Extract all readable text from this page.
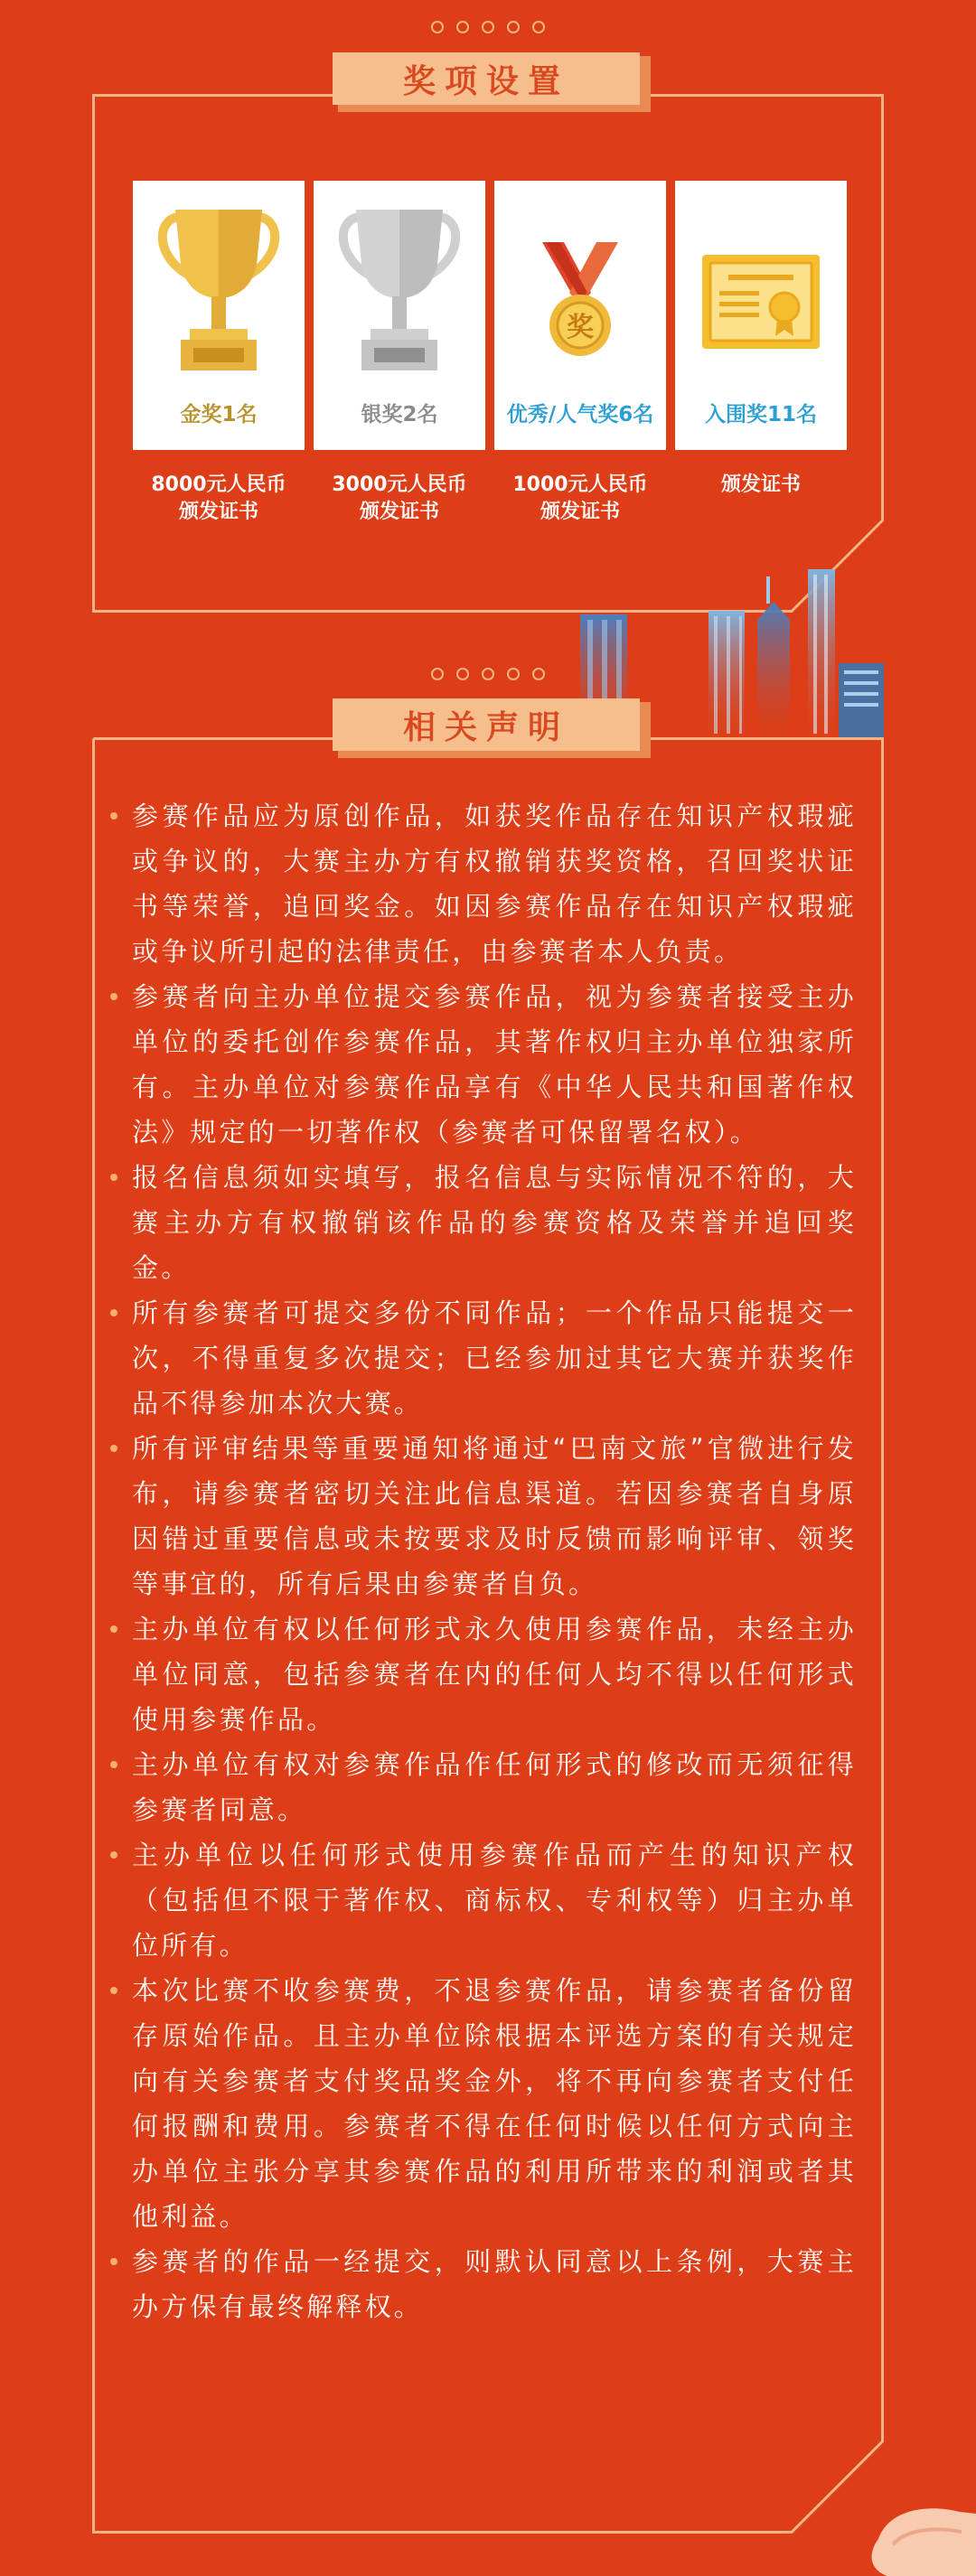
奖项设置
金奖1名	银奖2名
奖
优秀/人气奖6名	入围奖11名
8000元人民币
颁发证书
3000元人民币
颁发证书
1000元人民币
颁发证书
颁发证书
相关声明
参赛作品应为原创作品，如获奖作品存在知识产权瑕疵或争议的，大赛主办方有权撤销获奖资格，召回奖状证书等荣誉，追回奖金。如因参赛作品存在知识产权瑕疵或争议所引起的法律责任，由参赛者本人负责。
参赛者向主办单位提交参赛作品，视为参赛者接受主办单位的委托创作参赛作品，其著作权归主办单位独家所有。主办单位对参赛作品享有《中华人民共和国著作权法》规定的一切著作权（参赛者可保留署名权）。
报名信息须如实填写，报名信息与实际情况不符的，大赛主办方有权撤销该作品的参赛资格及荣誉并追回奖金。
所有参赛者可提交多份不同作品；一个作品只能提交一次，不得重复多次提交；已经参加过其它大赛并获奖作品不得参加本次大赛。
所有评审结果等重要通知将通过“巴南文旅”官微进行发布，请参赛者密切关注此信息渠道。若因参赛者自身原因错过重要信息或未按要求及时反馈而影响评审、领奖等事宜的，所有后果由参赛者自负。
主办单位有权以任何形式永久使用参赛作品，未经主办单位同意，包括参赛者在内的任何人均不得以任何形式使用参赛作品。
主办单位有权对参赛作品作任何形式的修改而无须征得参赛者同意。
主办单位以任何形式使用参赛作品而产生的知识产权（包括但不限于著作权、商标权、专利权等）归主办单位所有。
本次比赛不收参赛费，不退参赛作品，请参赛者备份留存原始作品。且主办单位除根据本评选方案的有关规定向有关参赛者支付奖品奖金外，将不再向参赛者支付任何报酬和费用。参赛者不得在任何时候以任何方式向主办单位主张分享其参赛作品的利用所带来的利润或者其他利益。
参赛者的作品一经提交，则默认同意以上条例，大赛主办方保有最终解释权。
